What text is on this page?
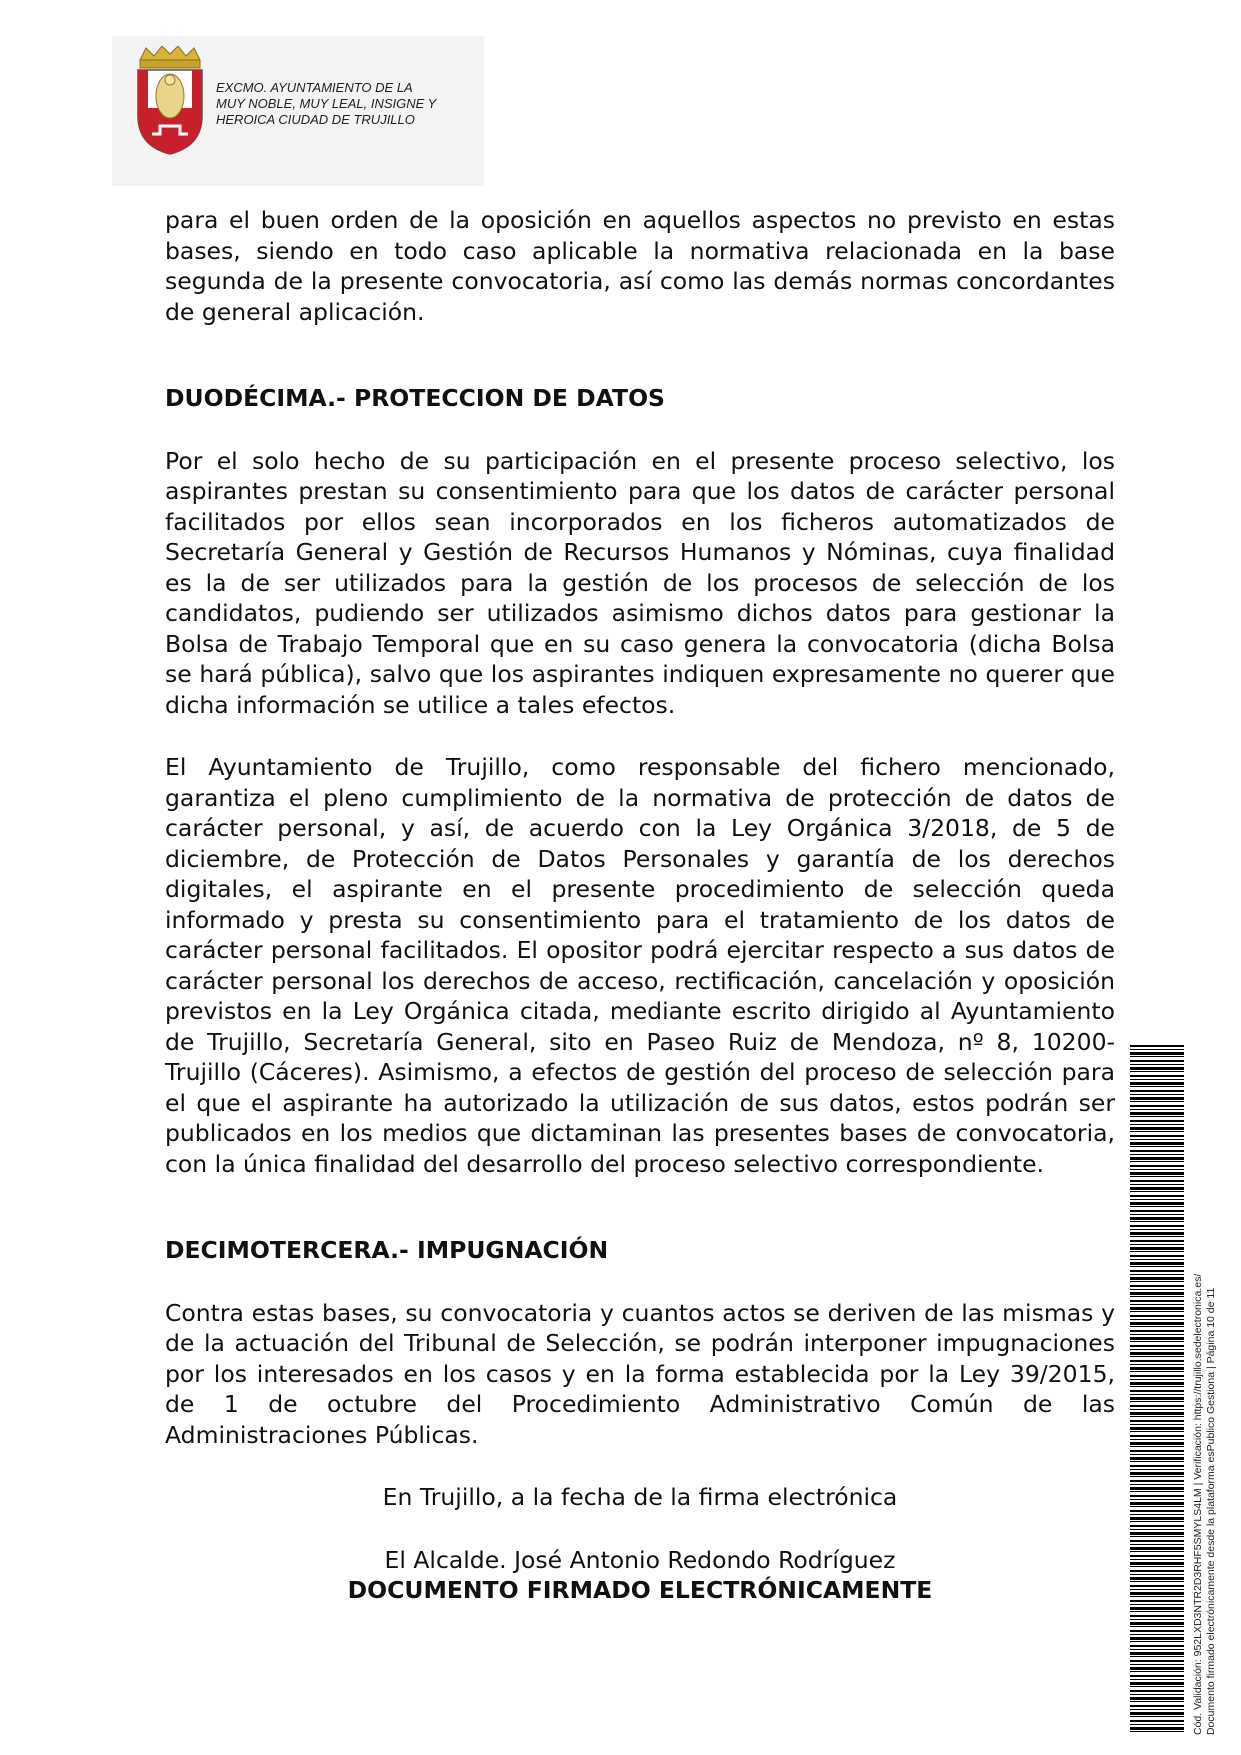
EXCMO. AYUNTAMIENTO DE LA
MUY NOBLE, MUY LEAL, INSIGNE Y
HEROICA CIUDAD DE TRUJILLO

para el buen orden de la oposición en aquellos aspectos no previsto en estas bases, siendo en todo caso aplicable la normativa relacionada en la base segunda de la presente convocatoria, así como las demás normas concordantes de general aplicación.

DUODÉCIMA.- PROTECCION DE DATOS

Por el solo hecho de su participación en el presente proceso selectivo, los aspirantes prestan su consentimiento para que los datos de carácter personal facilitados por ellos sean incorporados en los ficheros automatizados de Secretaría General y Gestión de Recursos Humanos y Nóminas, cuya finalidad es la de ser utilizados para la gestión de los procesos de selección de los candidatos, pudiendo ser utilizados asimismo dichos datos para gestionar la Bolsa de Trabajo Temporal que en su caso genera la convocatoria (dicha Bolsa se hará pública), salvo que los aspirantes indiquen expresamente no querer que dicha información se utilice a tales efectos.

El Ayuntamiento de Trujillo, como responsable del fichero mencionado, garantiza el pleno cumplimiento de la normativa de protección de datos de carácter personal, y así, de acuerdo con la Ley Orgánica 3/2018, de 5 de diciembre, de Protección de Datos Personales y garantía de los derechos digitales, el aspirante en el presente procedimiento de selección queda informado y presta su consentimiento para el tratamiento de los datos de carácter personal facilitados. El opositor podrá ejercitar respecto a sus datos de carácter personal los derechos de acceso, rectificación, cancelación y oposición previstos en la Ley Orgánica citada, mediante escrito dirigido al Ayuntamiento de Trujillo, Secretaría General, sito en Paseo Ruiz de Mendoza, nº 8, 10200-Trujillo (Cáceres). Asimismo, a efectos de gestión del proceso de selección para el que el aspirante ha autorizado la utilización de sus datos, estos podrán ser publicados en los medios que dictaminan las presentes bases de convocatoria, con la única finalidad del desarrollo del proceso selectivo correspondiente.

DECIMOTERCERA.- IMPUGNACIÓN

Contra estas bases, su convocatoria y cuantos actos se deriven de las mismas y de la actuación del Tribunal de Selección, se podrán interponer impugnaciones por los interesados en los casos y en la forma establecida por la Ley 39/2015, de 1 de octubre del Procedimiento Administrativo Común de las Administraciones Públicas.

En Trujillo, a la fecha de la firma electrónica

El Alcalde. José Antonio Redondo Rodríguez

DOCUMENTO FIRMADO ELECTRÓNICAMENTE	Cód. Validación: 952LXD3NTR2D3RHF5SMYLS4LM | Verificación: https://trujillo.sedelectronica.es/ Documento firmado electrónicamente desde la plataforma esPublico Gestiona | Página 10 de 11
